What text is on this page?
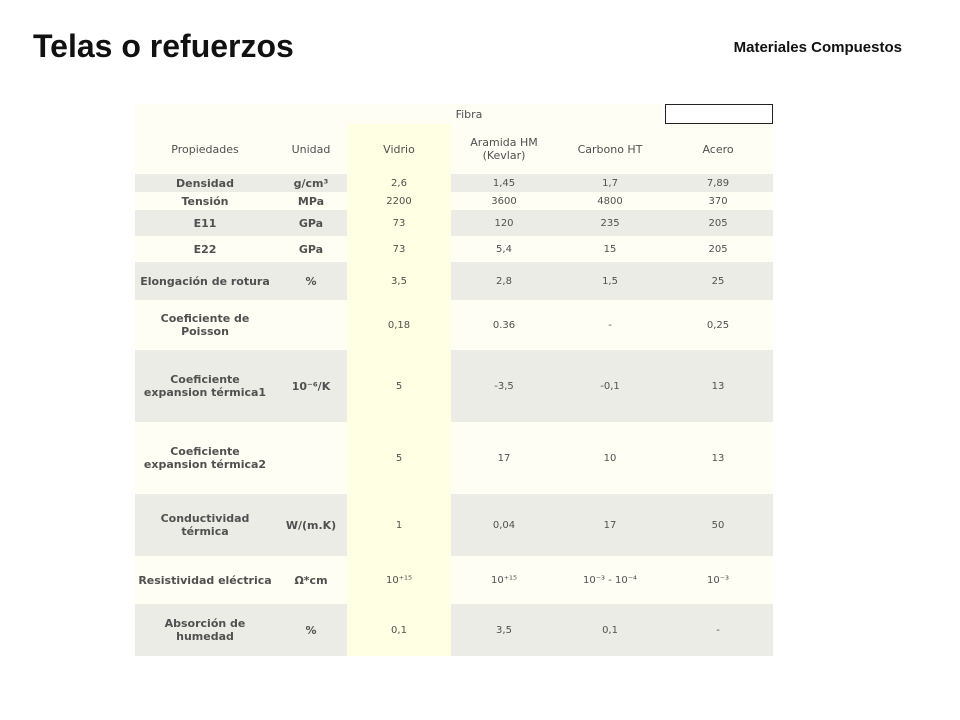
Telas o refuerzos	Materiales Compuestos
	Fibra				
Propiedades	Unidad	Vidrio	Aramida HM (Kevlar)	Carbono HT	Acero
Densidad	g/cm³	2,6	1,45	1,7	7,89
Tensión	MPa	2200	3600	4800	370
E11	GPa	73	120	235	205
E22	GPa	73	5,4	15	205
Elongación de rotura	%	3,5	2,8	1,5	25
Coeficiente de Poisson		0,18	0.36	-	0,25
Coeficiente expansion térmica1	10⁻⁶/K	5	-3,5	-0,1	13
Coeficiente expansion térmica2		5	17	10	13
Conductividad térmica	W/(m.K)	1	0,04	17	50
Resistividad eléctrica	Ω*cm	10⁺¹⁵	10⁺¹⁵	10⁻³ - 10⁻⁴	10⁻³
Absorción de humedad	%	0,1	3,5	0,1	-
